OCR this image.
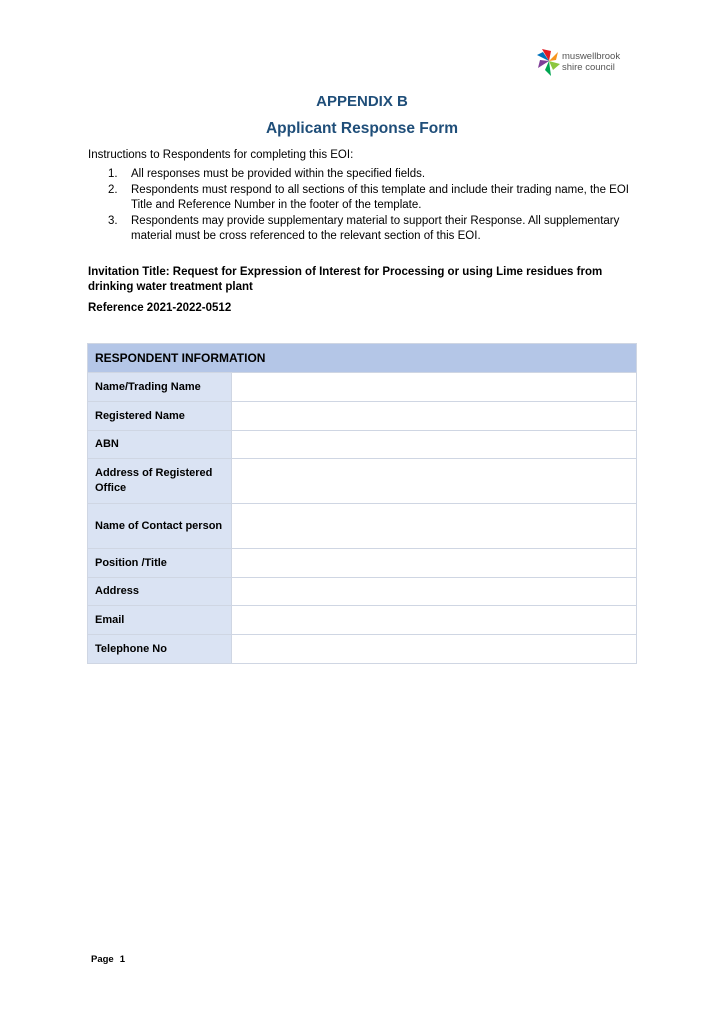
muswellbrook
shire council
APPENDIX B
Applicant Response Form
Instructions to Respondents for completing this EOI:
1. All responses must be provided within the specified fields.
2. Respondents must respond to all sections of this template and include their trading name, the EOI Title and Reference Number in the footer of the template.
3. Respondents may provide supplementary material to support their Response. All supplementary material must be cross referenced to the relevant section of this EOI.
Invitation Title: Request for Expression of Interest for Processing or using Lime residues from drinking water treatment plant
Reference 2021-2022-0512
RESPONDENT INFORMATION	
Name/Trading Name	
Registered Name	
ABN	
Address of Registered Office	
Name of Contact person	
Position /Title	
Address	
Email	
Telephone No	
Page 1
